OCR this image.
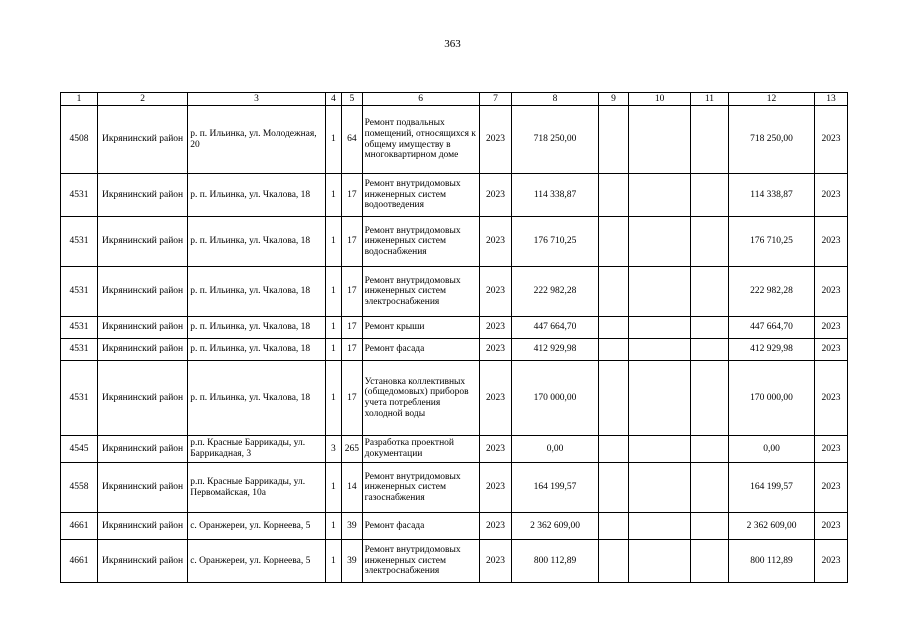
363
1	2	3	4	5	6	7	8	9	10	11	12	13
4508	Икрянинский район	р. п. Ильинка, ул. Молодежная, 20	1	64	Ремонт подвальных помещений, относящихся к общему имуществу в многоквартирном доме	2023	718 250,00				718 250,00	2023
4531	Икрянинский район	р. п. Ильинка, ул. Чкалова, 18	1	17	Ремонт внутридомовых инженерных систем водоотведения	2023	114 338,87				114 338,87	2023
4531	Икрянинский район	р. п. Ильинка, ул. Чкалова, 18	1	17	Ремонт внутридомовых инженерных систем водоснабжения	2023	176 710,25				176 710,25	2023
4531	Икрянинский район	р. п. Ильинка, ул. Чкалова, 18	1	17	Ремонт внутридомовых инженерных систем электроснабжения	2023	222 982,28				222 982,28	2023
4531	Икрянинский район	р. п. Ильинка, ул. Чкалова, 18	1	17	Ремонт крыши	2023	447 664,70				447 664,70	2023
4531	Икрянинский район	р. п. Ильинка, ул. Чкалова, 18	1	17	Ремонт фасада	2023	412 929,98				412 929,98	2023
4531	Икрянинский район	р. п. Ильинка, ул. Чкалова, 18	1	17	Установка коллективных (общедомовых) приборов учета потребления холодной воды	2023	170 000,00				170 000,00	2023
4545	Икрянинский район	р.п. Красные Баррикады, ул. Баррикадная, 3	3	265	Разработка проектной документации	2023	0,00				0,00	2023
4558	Икрянинский район	р.п. Красные Баррикады, ул. Первомайская, 10а	1	14	Ремонт внутридомовых инженерных систем газоснабжения	2023	164 199,57				164 199,57	2023
4661	Икрянинский район	с. Оранжереи, ул. Корнеева, 5	1	39	Ремонт фасада	2023	2 362 609,00				2 362 609,00	2023
4661	Икрянинский район	с. Оранжереи, ул. Корнеева, 5	1	39	Ремонт внутридомовых инженерных систем электроснабжения	2023	800 112,89				800 112,89	2023
